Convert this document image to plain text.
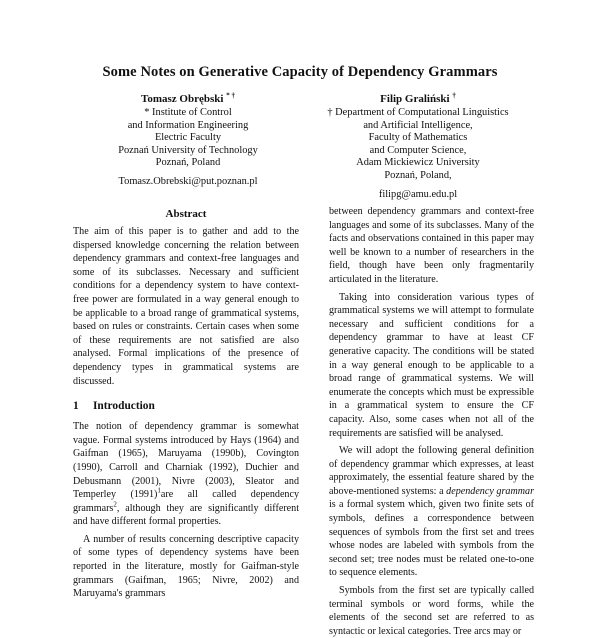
Some Notes on Generative Capacity of Dependency Grammars
Tomasz Obrębski * †
* Institute of Control
and Information Engineering
Electric Faculty
Poznań University of Technology
Poznań, Poland
Tomasz.Obrebski@put.poznan.pl
Filip Graliński †
† Department of Computational Linguistics
and Artificial Intelligence,
Faculty of Mathematics
and Computer Science,
Adam Mickiewicz University
Poznań, Poland,
filipg@amu.edu.pl
Abstract

The aim of this paper is to gather and add to the dispersed knowledge concerning the relation between dependency grammars and context-free languages and some of its subclasses. Necessary and sufficient conditions for a dependency system to have context-free power are formulated in a way general enough to be applicable to a broad range of grammatical systems, based on rules or constraints. Certain cases when some of these requirements are not satisfied are also analysed. Formal implications of the presence of dependency types in grammatical systems are discussed.

1 Introduction

The notion of dependency grammar is somewhat vague. Formal systems introduced by Hays (1964) and Gaifman (1965), Maruyama (1990b), Covington (1990), Carroll and Charniak (1992), Duchier and Debusmann (2001), Nivre (2003), Sleator and Temperley $(1991)^1are$ all called dependency grammars$^2$, although they are significantly different and have different formal properties.

A number of results concerning descriptive capacity of some types of dependency systems have been reported in the literature, mostly for Gaifman-style grammars (Gaifman, 1965; Nivre, 2002) and Maruyama's grammars

between dependency grammars and context-free languages and some of its subclasses. Many of the facts and observations contained in this paper may well be known to a number of researchers in the field, though have been only fragmentarily articulated in the literature.

Taking into consideration various types of grammatical systems we will attempt to formulate necessary and sufficient conditions for a dependency grammar to have at least CF generative capacity. The conditions will be stated in a way general enough to be applicable to a broad range of grammatical systems. We will enumerate the concepts which must be expressible in a grammatical system to ensure the CF capacity. Also, some cases when not all of the requirements are satisfied will be analysed.

We will adopt the following general definition of dependency grammar which expresses, at least approximately, the essential feature shared by the above-mentioned systems: a dependency grammar is a formal system which, given two finite sets of symbols, defines a correspondence between sequences of symbols from the first set and trees whose nodes are labeled with symbols from the second set; tree nodes must be related one-to-one to sequence elements.

Symbols from the first set are typically called terminal symbols or word forms, while the elements of the second set are referred to as syntactic or lexical categories. Tree arcs may or
